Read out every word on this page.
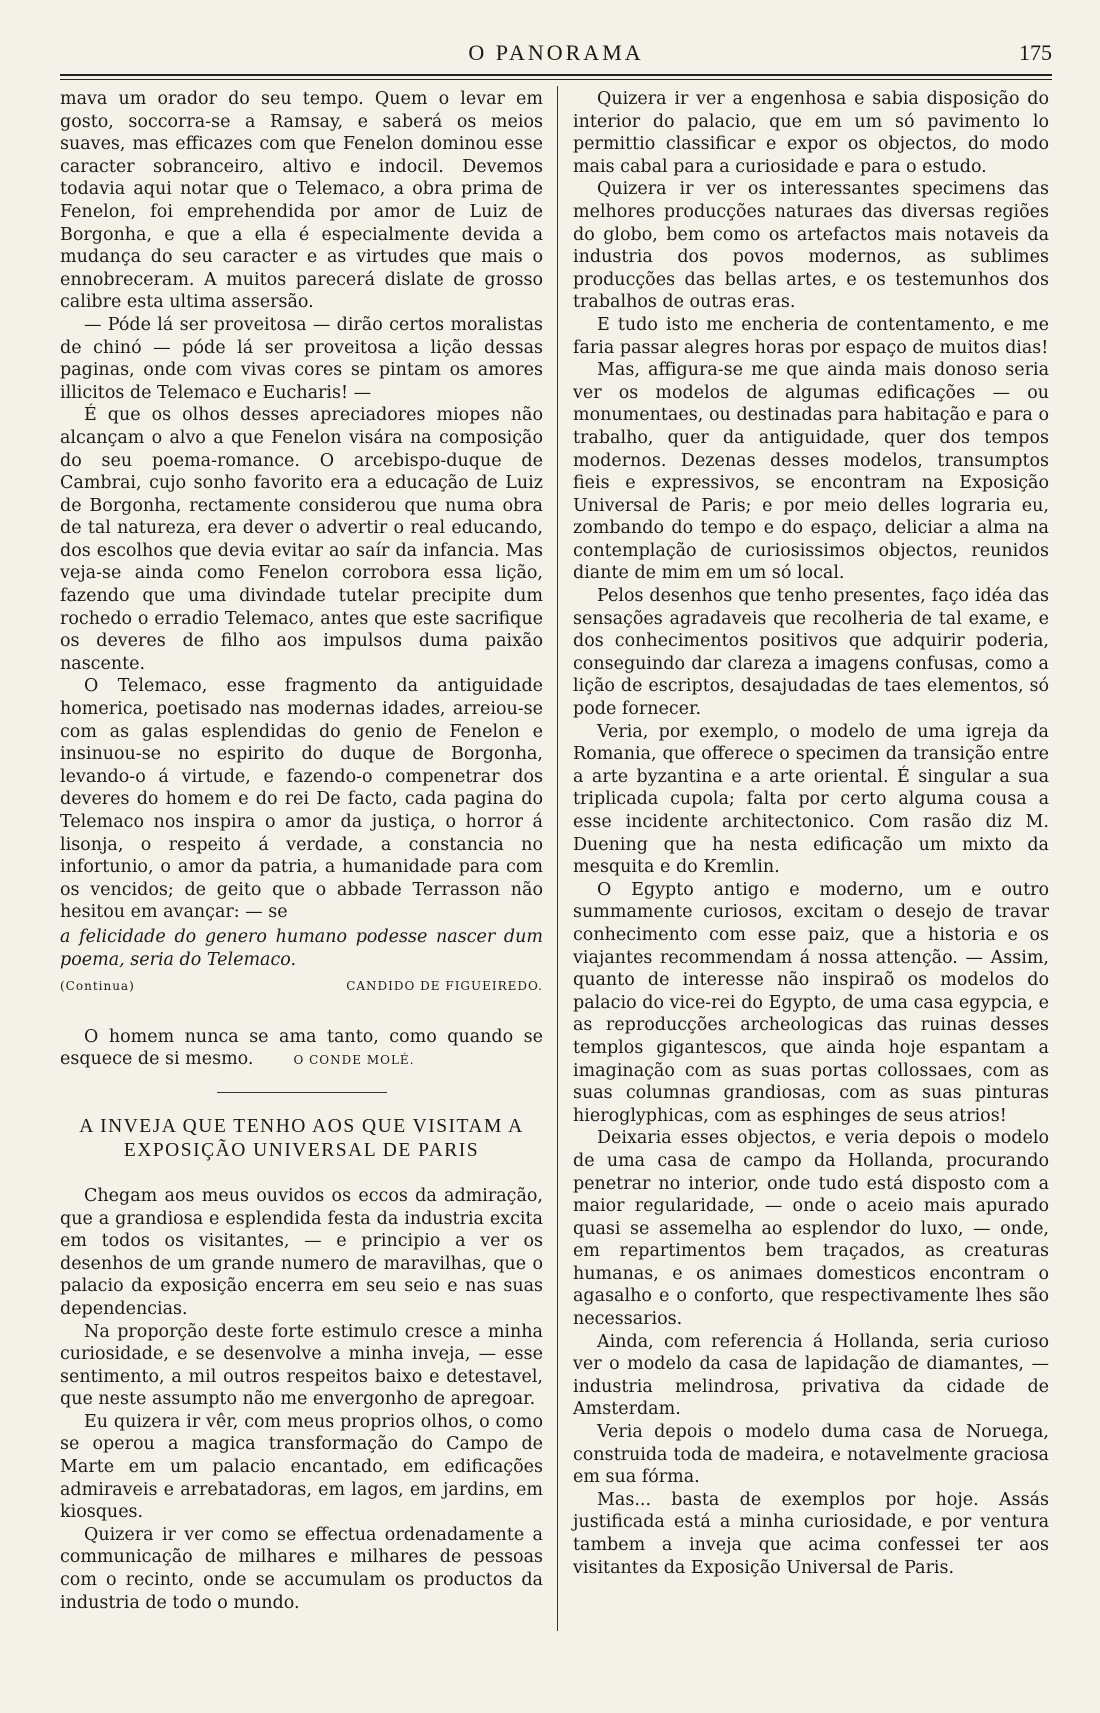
O PANORAMA	175

mava um orador do seu tempo. Quem o levar em gosto, soccorra-se a Ramsay, e saberá os meios suaves, mas efficazes com que Fenelon dominou esse caracter sobranceiro, altivo e indocil. Devemos todavia aqui notar que o Telemaco, a obra prima de Fenelon, foi emprehendida por amor de Luiz de Borgonha, e que a ella é especialmente devida a mudança do seu caracter e as virtudes que mais o ennobreceram. A muitos parecerá dislate de grosso calibre esta ultima assersão.

— Póde lá ser proveitosa — dirão certos moralistas de chinó — póde lá ser proveitosa a lição dessas paginas, onde com vivas cores se pintam os amores illicitos de Telemaco e Eucharis! —

É que os olhos desses apreciadores miopes não alcançam o alvo a que Fenelon visára na composição do seu poema-romance. O arcebispo-duque de Cambrai, cujo sonho favorito era a educação de Luiz de Borgonha, rectamente considerou que numa obra de tal natureza, era dever o advertir o real educando, dos escolhos que devia evitar ao saír da infancia. Mas veja-se ainda como Fenelon corrobora essa lição, fazendo que uma divindade tutelar precipite dum rochedo o erradio Telemaco, antes que este sacrifique os deveres de filho aos impulsos duma paixão nascente.

O Telemaco, esse fragmento da antiguidade homerica, poetisado nas modernas idades, arreiou-se com as galas esplendidas do genio de Fenelon e insinuou-se no espirito do duque de Borgonha, levando-o á virtude, e fazendo-o compenetrar dos deveres do homem e do rei De facto, cada pagina do Telemaco nos inspira o amor da justiça, o horror á lisonja, o respeito á verdade, a constancia no infortunio, o amor da patria, a humanidade para com os vencidos; de geito que o abbade Terrasson não hesitou em avançar: — se

a felicidade do genero humano podesse nascer dum poema, seria do Telemaco.

(Continua)	CANDIDO DE FIGUEIREDO.

O homem nunca se ama tanto, como quando se esquece de si mesmo.	O CONDE MOLÉ.

A INVEJA QUE TENHO AOS QUE VISITAM A
EXPOSIÇÃO UNIVERSAL DE PARIS

Chegam aos meus ouvidos os eccos da admiração, que a grandiosa e esplendida festa da industria excita em todos os visitantes, — e principio a ver os desenhos de um grande numero de maravilhas, que o palacio da exposição encerra em seu seio e nas suas dependencias.

Na proporção deste forte estimulo cresce a minha curiosidade, e se desenvolve a minha inveja, — esse sentimento, a mil outros respeitos baixo e detestavel, que neste assumpto não me envergonho de apregoar.

Eu quizera ir vêr, com meus proprios olhos, o como se operou a magica transformação do Campo de Marte em um palacio encantado, em edificações admiraveis e arrebatadoras, em lagos, em jardins, em kiosques.

Quizera ir ver como se effectua ordenadamente a communicação de milhares e milhares de pessoas com o recinto, onde se accumulam os productos da industria de todo o mundo.

Quizera ir ver a engenhosa e sabia disposição do interior do palacio, que em um só pavimento lo permittio classificar e expor os objectos, do modo mais cabal para a curiosidade e para o estudo.

Quizera ir ver os interessantes specimens das melhores producções naturaes das diversas regiões do globo, bem como os artefactos mais notaveis da industria dos povos modernos, as sublimes producções das bellas artes, e os testemunhos dos trabalhos de outras eras.

E tudo isto me encheria de contentamento, e me faria passar alegres horas por espaço de muitos dias!

Mas, affigura-se me que ainda mais donoso seria ver os modelos de algumas edificações — ou monumentaes, ou destinadas para habitação e para o trabalho, quer da antiguidade, quer dos tempos modernos. Dezenas desses modelos, transumptos fieis e expressivos, se encontram na Exposição Universal de Paris; e por meio delles lograria eu, zombando do tempo e do espaço, deliciar a alma na contemplação de curiosissimos objectos, reunidos diante de mim em um só local.

Pelos desenhos que tenho presentes, faço idéa das sensações agradaveis que recolheria de tal exame, e dos conhecimentos positivos que adquirir poderia, conseguindo dar clareza a imagens confusas, como a lição de escriptos, desajudadas de taes elementos, só pode fornecer.

Veria, por exemplo, o modelo de uma igreja da Romania, que offerece o specimen da transição entre a arte byzantina e a arte oriental. É singular a sua triplicada cupola; falta por certo alguma cousa a esse incidente architectonico. Com rasão diz M. Duening que ha nesta edificação um mixto da mesquita e do Kremlin.

O Egypto antigo e moderno, um e outro summamente curiosos, excitam o desejo de travar conhecimento com esse paiz, que a historia e os viajantes recommendam á nossa attenção. — Assim, quanto de interesse não inspiraõ os modelos do palacio do vice-rei do Egypto, de uma casa egypcia, e as reproducções archeologicas das ruinas desses templos gigantescos, que ainda hoje espantam a imaginação com as suas portas collossaes, com as suas columnas grandiosas, com as suas pinturas hieroglyphicas, com as esphinges de seus atrios!

Deixaria esses objectos, e veria depois o modelo de uma casa de campo da Hollanda, procurando penetrar no interior, onde tudo está disposto com a maior regularidade, — onde o aceio mais apurado quasi se assemelha ao esplendor do luxo, — onde, em repartimentos bem traçados, as creaturas humanas, e os animaes domesticos encontram o agasalho e o conforto, que respectivamente lhes são necessarios.

Ainda, com referencia á Hollanda, seria curioso ver o modelo da casa de lapidação de diamantes, — industria melindrosa, privativa da cidade de Amsterdam.

Veria depois o modelo duma casa de Noruega, construida toda de madeira, e notavelmente graciosa em sua fórma.

Mas... basta de exemplos por hoje. Assás justificada está a minha curiosidade, e por ventura tambem a inveja que acima confessei ter aos visitantes da Exposição Universal de Paris.
